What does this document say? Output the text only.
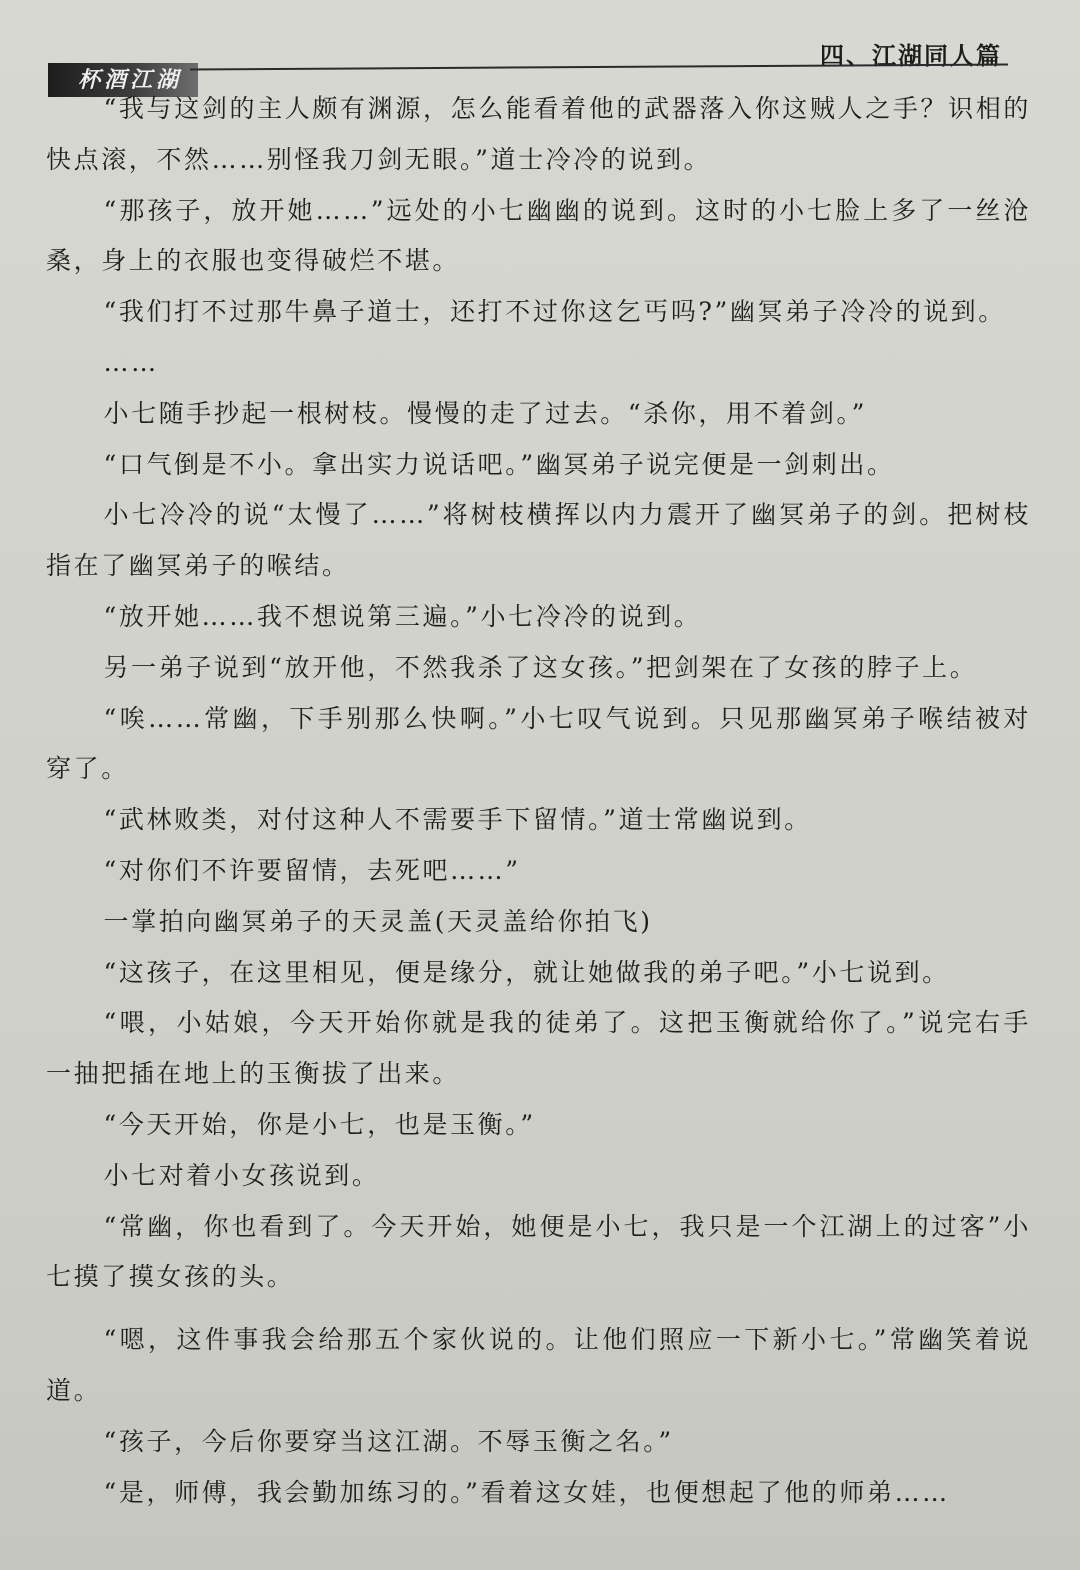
杯酒江湖
四、江湖同人篇

“我与这剑的主人颇有渊源，怎么能看着他的武器落入你这贼人之手？识相的快点滚，不然……别怪我刀剑无眼。”道士冷冷的说到。

“那孩子，放开她……”远处的小七幽幽的说到。这时的小七脸上多了一丝沧桑，身上的衣服也变得破烂不堪。

“我们打不过那牛鼻子道士，还打不过你这乞丐吗?”幽冥弟子冷冷的说到。

……

小七随手抄起一根树枝。慢慢的走了过去。“杀你，用不着剑。”

“口气倒是不小。拿出实力说话吧。”幽冥弟子说完便是一剑刺出。

小七冷冷的说“太慢了……”将树枝横挥以内力震开了幽冥弟子的剑。把树枝指在了幽冥弟子的喉结。

“放开她……我不想说第三遍。”小七冷冷的说到。

另一弟子说到“放开他，不然我杀了这女孩。”把剑架在了女孩的脖子上。

“唉……常幽，下手别那么快啊。”小七叹气说到。只见那幽冥弟子喉结被对穿了。

“武林败类，对付这种人不需要手下留情。”道士常幽说到。

“对你们不许要留情，去死吧……”

一掌拍向幽冥弟子的天灵盖(天灵盖给你拍飞)

“这孩子，在这里相见，便是缘分，就让她做我的弟子吧。”小七说到。

“喂，小姑娘，今天开始你就是我的徒弟了。这把玉衡就给你了。”说完右手一抽把插在地上的玉衡拔了出来。

“今天开始，你是小七，也是玉衡。”

小七对着小女孩说到。

“常幽，你也看到了。今天开始，她便是小七，我只是一个江湖上的过客”小七摸了摸女孩的头。

“嗯，这件事我会给那五个家伙说的。让他们照应一下新小七。”常幽笑着说道。

“孩子，今后你要穿当这江湖。不辱玉衡之名。”

“是，师傅，我会勤加练习的。”看着这女娃，也便想起了他的师弟……
